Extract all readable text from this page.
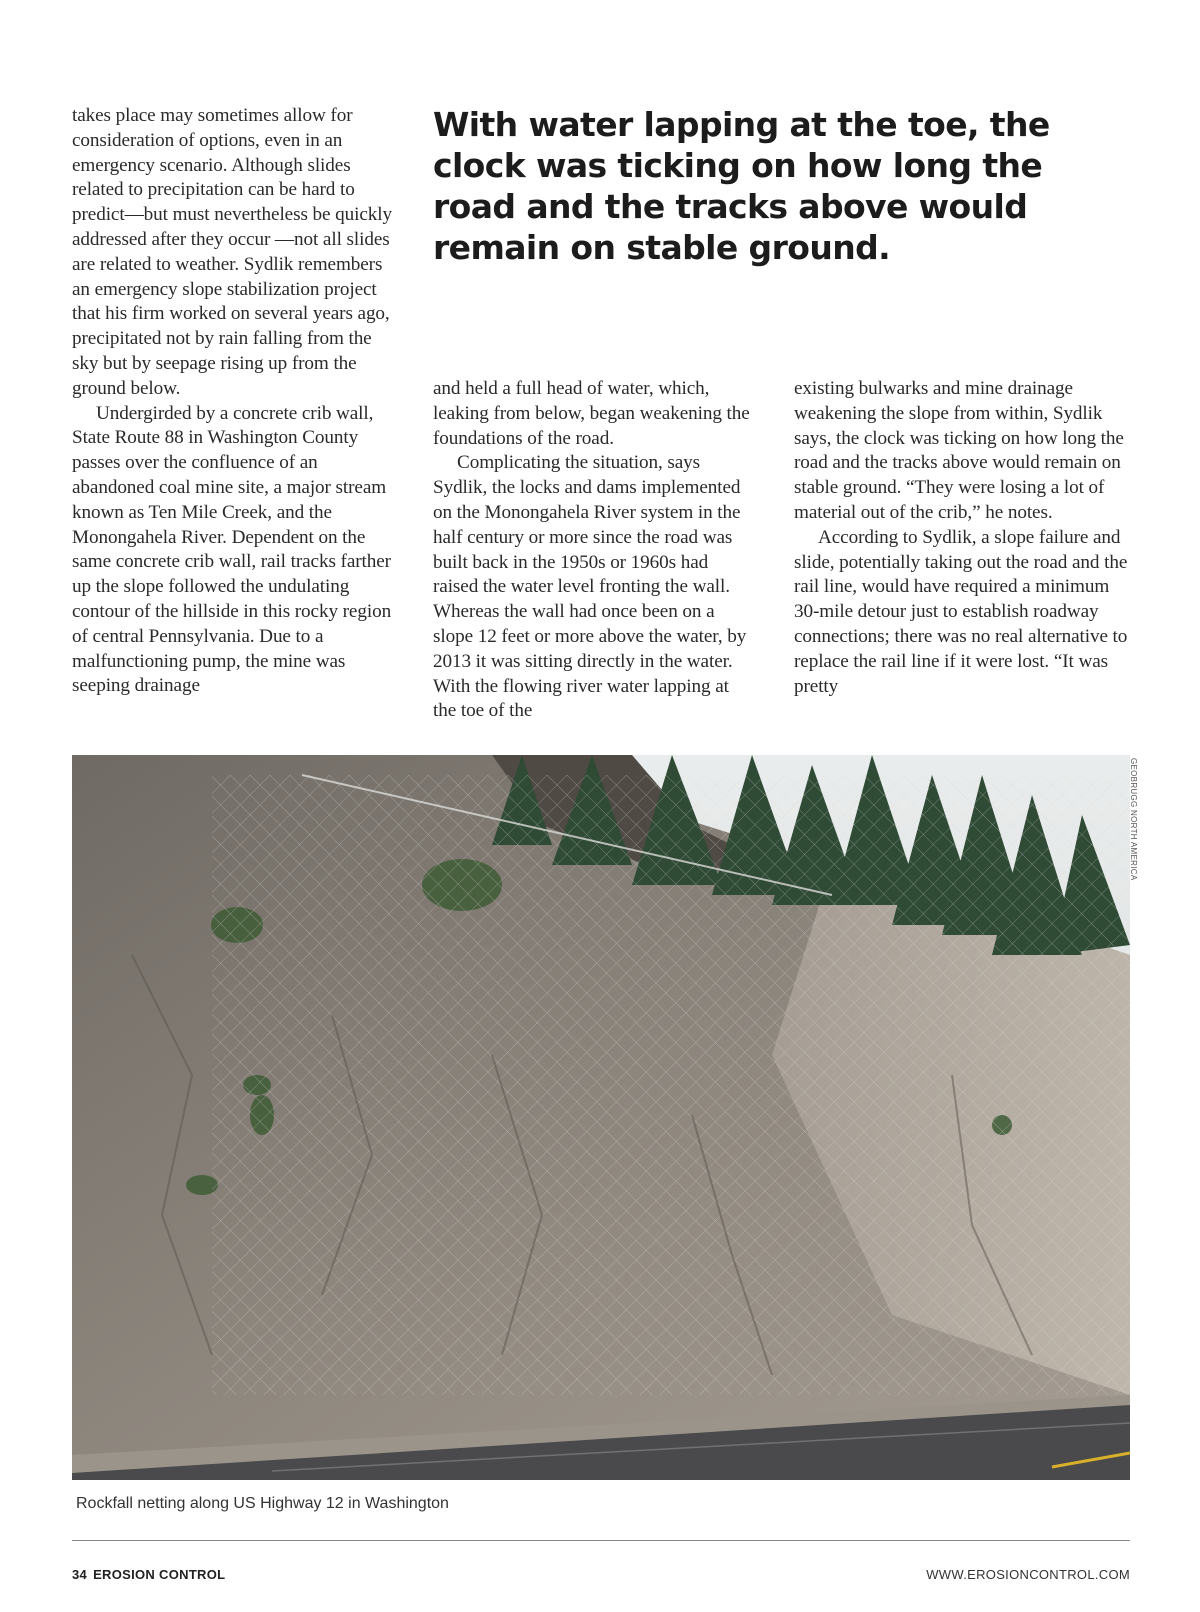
takes place may sometimes allow for consideration of options, even in an emergency scenario. Although slides related to precipitation can be hard to predict—but must nevertheless be quickly addressed after they occur —not all slides are related to weather. Sydlik remembers an emergency slope stabilization project that his firm worked on several years ago, precipitated not by rain falling from the sky but by seepage rising up from the ground below.

Undergirded by a concrete crib wall, State Route 88 in Washington County passes over the confluence of an abandoned coal mine site, a major stream known as Ten Mile Creek, and the Monongahela River. Dependent on the same concrete crib wall, rail tracks farther up the slope followed the undulating contour of the hillside in this rocky region of central Pennsylvania. Due to a malfunctioning pump, the mine was seeping drainage

With water lapping at the toe, the clock was ticking on how long the road and the tracks above would remain on stable ground.

and held a full head of water, which, leaking from below, began weakening the foundations of the road.

Complicating the situation, says Sydlik, the locks and dams implemented on the Monongahela River system in the half century or more since the road was built back in the 1950s or 1960s had raised the water level fronting the wall. Whereas the wall had once been on a slope 12 feet or more above the water, by 2013 it was sitting directly in the water. With the flowing river water lapping at the toe of the

existing bulwarks and mine drainage weakening the slope from within, Sydlik says, the clock was ticking on how long the road and the tracks above would remain on stable ground. “They were losing a lot of material out of the crib,” he notes.

According to Sydlik, a slope failure and slide, potentially taking out the road and the rail line, would have required a minimum 30-mile detour just to establish roadway connections; there was no real alternative to replace the rail line if it were lost. “It was pretty

GEOBRUGG NORTH AMERICA
Rockfall netting along US Highway 12 in Washington
34 EROSION CONTROL	WWW.EROSIONCONTROL.COM
